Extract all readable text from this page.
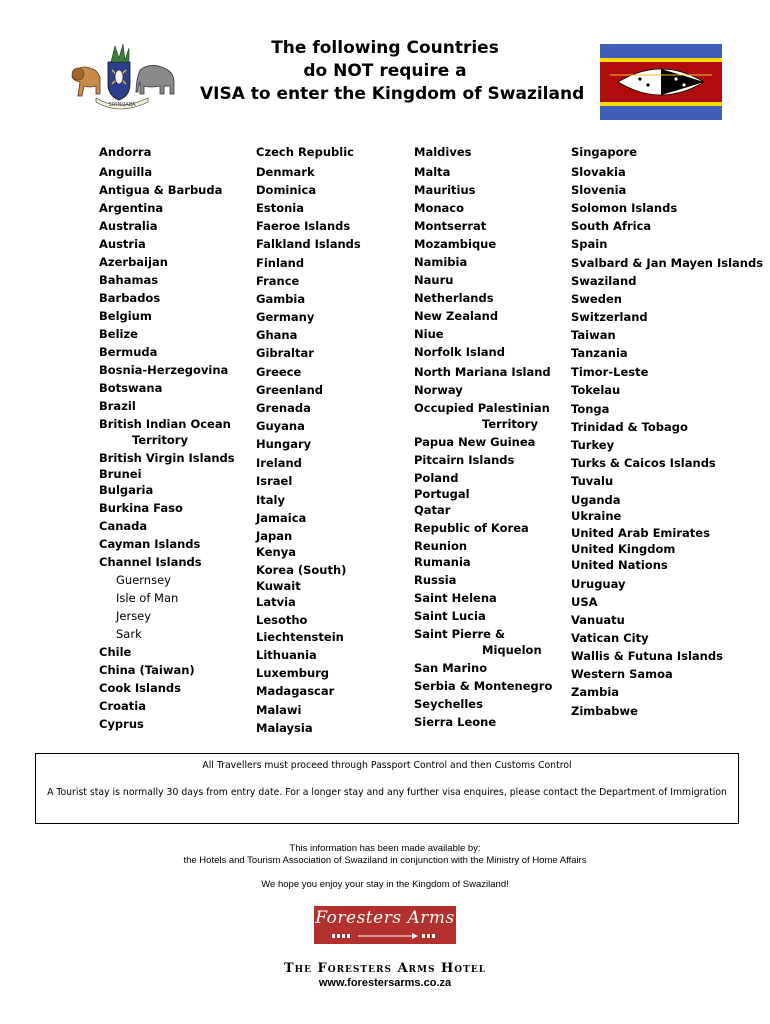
SIYINQABA
The following Countries
do NOT require a
VISA to enter the Kingdom of Swaziland
Andorra
Anguilla
Antigua & Barbuda
Argentina
Australia
Austria
Azerbaijan
Bahamas
Barbados
Belgium
Belize
Bermuda
Bosnia-Herzegovina
Botswana
Brazil
British Indian Ocean
Territory
British Virgin Islands
Brunei
Bulgaria
Burkina Faso
Canada
Cayman Islands
Channel Islands
Guernsey
Isle of Man
Jersey
Sark
Chile
China (Taiwan)
Cook Islands
Croatia
Cyprus
Czech Republic
Denmark
Dominica
Estonia
Faeroe Islands
Falkland Islands
Finland
France
Gambia
Germany
Ghana
Gibraltar
Greece
Greenland
Grenada
Guyana
Hungary
Ireland
Israel
Italy
Jamaica
Japan
Kenya
Korea (South)
Kuwait
Latvia
Lesotho
Liechtenstein
Lithuania
Luxemburg
Madagascar
Malawi
Malaysia
Maldives
Malta
Mauritius
Monaco
Montserrat
Mozambique
Namibia
Nauru
Netherlands
New Zealand
Niue
Norfolk Island
North Mariana Island
Norway
Occupied Palestinian
Territory
Papua New Guinea
Pitcairn Islands
Poland
Portugal
Qatar
Republic of Korea
Reunion
Rumania
Russia
Saint Helena
Saint Lucia
Saint Pierre &
Miquelon
San Marino
Serbia & Montenegro
Seychelles
Sierra Leone
Singapore
Slovakia
Slovenia
Solomon Islands
South Africa
Spain
Svalbard & Jan Mayen Islands
Swaziland
Sweden
Switzerland
Taiwan
Tanzania
Timor-Leste
Tokelau
Tonga
Trinidad & Tobago
Turkey
Turks & Caicos Islands
Tuvalu
Uganda
Ukraine
United Arab Emirates
United Kingdom
United Nations
Uruguay
USA
Vanuatu
Vatican City
Wallis & Futuna Islands
Western Samoa
Zambia
Zimbabwe
All Travellers must proceed through Passport Control and then Customs Control
A Tourist stay is normally 30 days from entry date. For a longer stay and any further visa enquires, please contact the Department of Immigration
This information has been made available by:
the Hotels and Tourism Association of Swaziland in conjunction with the Ministry of Home Affairs
We hope you enjoy your stay in the Kingdom of Swaziland!
Foresters Arms
The Foresters Arms Hotel
www.forestersarms.co.za
